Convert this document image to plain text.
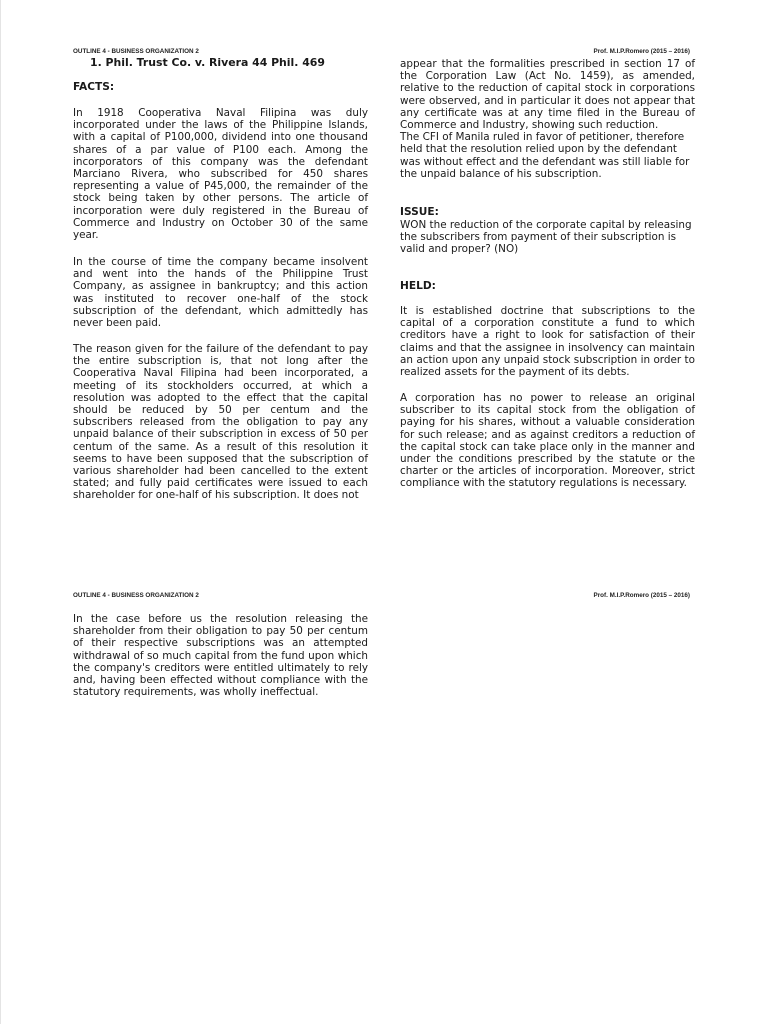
OUTLINE 4 - BUSINESS ORGANIZATION 2	Prof. M.I.P.Romero (2015 – 2016)
1. Phil. Trust Co. v. Rivera 44 Phil. 469
FACTS:

In 1918 Cooperativa Naval Filipina was duly incorporated under the laws of the Philippine Islands, with a capital of P100,000, dividend into one thousand shares of a par value of P100 each. Among the incorporators of this company was the defendant Marciano Rivera, who subscribed for 450 shares representing a value of P45,000, the remainder of the stock being taken by other persons. The article of incorporation were duly registered in the Bureau of Commerce and Industry on October 30 of the same year.

In the course of time the company became insolvent and went into the hands of the Philippine Trust Company, as assignee in bankruptcy; and this action was instituted to recover one-half of the stock subscription of the defendant, which admittedly has never been paid.

The reason given for the failure of the defendant to pay the entire subscription is, that not long after the Cooperativa Naval Filipina had been incorporated, a meeting of its stockholders occurred, at which a resolution was adopted to the effect that the capital should be reduced by 50 per centum and the subscribers released from the obligation to pay any unpaid balance of their subscription in excess of 50 per centum of the same. As a result of this resolution it seems to have been supposed that the subscription of various shareholder had been cancelled to the extent stated; and fully paid certificates were issued to each shareholder for one-half of his subscription. It does not

appear that the formalities prescribed in section 17 of the Corporation Law (Act No. 1459), as amended, relative to the reduction of capital stock in corporations were observed, and in particular it does not appear that any certificate was at any time filed in the Bureau of Commerce and Industry, showing such reduction.

The CFI of Manila ruled in favor of petitioner, therefore held that the resolution relied upon by the defendant was without effect and the defendant was still liable for the unpaid balance of his subscription.

ISSUE:

WON the reduction of the corporate capital by releasing the subscribers from payment of their subscription is valid and proper? (NO)

HELD:

It is established doctrine that subscriptions to the capital of a corporation constitute a fund to which creditors have a right to look for satisfaction of their claims and that the assignee in insolvency can maintain an action upon any unpaid stock subscription in order to realized assets for the payment of its debts.

A corporation has no power to release an original subscriber to its capital stock from the obligation of paying for his shares, without a valuable consideration for such release; and as against creditors a reduction of the capital stock can take place only in the manner and under the conditions prescribed by the statute or the charter or the articles of incorporation. Moreover, strict compliance with the statutory regulations is necessary.

OUTLINE 4 - BUSINESS ORGANIZATION 2	Prof. M.I.P.Romero (2015 – 2016)

In the case before us the resolution releasing the shareholder from their obligation to pay 50 per centum of their respective subscriptions was an attempted withdrawal of so much capital from the fund upon which the company's creditors were entitled ultimately to rely and, having been effected without compliance with the statutory requirements, was wholly ineffectual.
